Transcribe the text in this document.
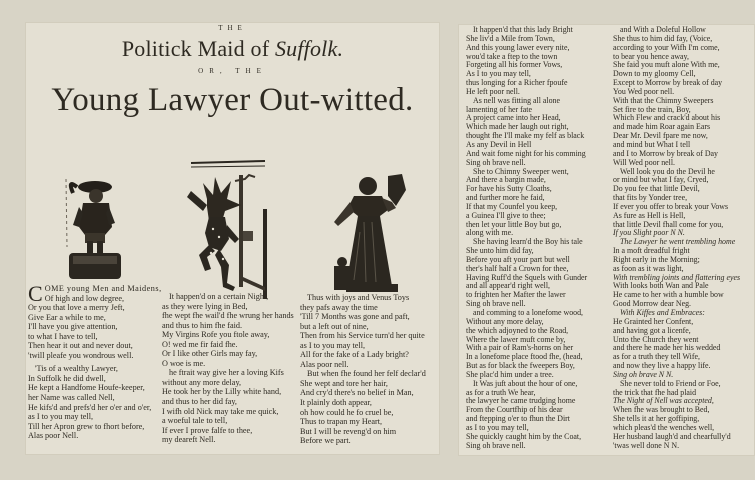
THE
Politick Maid of Suffolk.
OR, THE
Young Lawyer Out-witted.
C OME young Men and Maidens,
Of high and low degree,
Or you that love a merry Jeft,
Give Ear a while to me,
I'll have you give attention,
to what I have to tell,
Then hear it out and never dout,
'twill pleafe you wondrous well.
'Tis of a wealthy Lawyer,
In Suffolk he did dwell,
He kept a Handfome Houfe-keeper,
her Name was called Nell,
He kifs'd and prefs'd her o'er and o'er,
as I to you may tell,
Till her Apron grew to fhort before,
Alas poor Nell.
It happen'd on a certain Night,
as they were lying in Bed,
fhe wept fhe wail'd fhe wrung her hands
and thus to him fhe faid.
My Virgins Rofe you ftole away,
O! wed me fir faid fhe.
Or I like other Girls may fay,
O woe is me.
he ftrait way give her a loving Kifs
without any more delay,
He took her by the Lilly white hand,
and thus to her did fay,
I wifh old Nick may take me quick,
a woeful tale to tell,
If ever I prove falfe to thee,
my deareft Nell.
Thus with joys and Venus Toys
they pafs away the time
'Till 7 Months was gone and paft,
but a left out of nine,
Then from his Service turn'd her quite
as I to you may tell,
All for the fake of a Lady bright?
Alas poor nell.
But when fhe found her felf declar'd
She wept and tore her hair,
And cry'd there's no belief in Man,
It plainly doth appear,
oh how could he fo cruel be,
Thus to trapan my Heart,
But I will be reveng'd on him
Before we part.
It happen'd that this lady Bright
She liv'd a Mile from Town,
And this young lawer every nite,
wou'd take a ftep to the town
Forgeting all his former Vows,
As I to you may tell,
thus longing for a Richer fpoufe
He left poor nell.
As nell was fitting all alone
lamenting of her fate
A project came into her Head,
Which made her laugh out right,
thought fhe I'll make my felf as black
As any Devil in Hell
And wait fome night for his comming
Sing oh brave nell.
She to Chimny Sweeper went,
And there a bargin made,
For have his Sutty Cloaths,
and further more he faid,
If that my Counfel you keep,
a Guinea I'll give to thee;
then let your little Boy but go,
along with me.
She having learn'd the Boy his tale
She unto him did fay,
Before you aft your part but well
ther's half half a Crown for thee,
Having Ruff'd the Squels with Gunder
and all appear'd right well,
to frighten her Mafter the lawer
Sing oh brave nell.
and comming to a lonefome wood,
Without any more delay,
the which adjoyned to the Road,
Where the lawer muft come by,
With a pair of Ram's-horns on her
In a lonefome place ftood fhe, (head,
But as for black the fweepers Boy,
She plac'd him under a tree.
It Was juft about the hour of one,
as for a truth We hear,
the lawyer he came trudging home
From the Courtfhip of his dear
and ftepping o'er to fhun the Dirt
as I to you may tell,
She quickly caught him by the Coat,
Sing oh brave nell.
and With a Doleful Hollow
She thus to him did fay, (Voice,
according to your Wifh I'm come,
to bear you hence away,
She faid you muft alone With me,
Down to my gloomy Cell,
Except to Morrow by break of day
You Wed poor nell.
With that the Chimny Sweepers
Set fire to the train, Boy,
Which Flew and crack'd about his
and made him Roar again Ears
Dear Mr. Devil fpare me now,
and mind but What I tell
and I to Morrow by break of Day
Will Wed poor nell.
Well look you do the Devil he
or mind but what I fay, Cryed,
Do you fee that little Devil,
that fits by Yonder tree,
If ever you offer to break your Vows
As fure as Hell is Hell,
that little Devil fhall come for you,
If you Slight poor N N.
The Lawyer he went trembling home
In a moft dreadful fright
Right early in the Morning;
as foon as it was light,
With trembling joints and flattering eyes
With looks both Wan and Pale
He came to her with a humble bow
Good Morrow dear Neg.
With Kiffes and Embraces:
He Grainted her Confent,
and having got a licenfe,
Unto the Church they went
and there he made her his wedded
as for a truth they tell Wife,
and now they live a happy life.
Sing oh brave N N.
She never told to Friend or Foe,
the trick that fhe had plaid
The Night of Nell was accepted,
When fhe was brought to Bed,
She tells it at her goffiping,
which pleas'd the wenches well,
Her husband laugh'd and chearfully'd
'twas well done N N.
